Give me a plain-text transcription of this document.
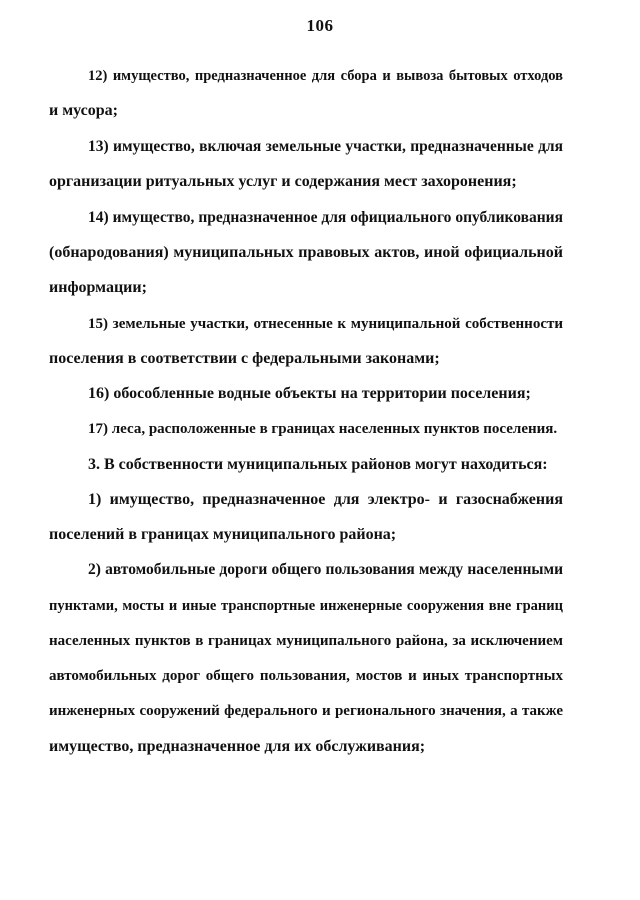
106
12) имущество, предназначенное для сбора и вывоза бытовых отходов
и мусора;
13) имущество, включая земельные участки, предназначенные для
организации ритуальных услуг и содержания мест захоронения;
14) имущество, предназначенное для официального опубликования
(обнародования) муниципальных правовых актов, иной официальной
информации;
15) земельные участки, отнесенные к муниципальной собственности
поселения в соответствии с федеральными законами;
16) обособленные водные объекты на территории поселения;
17) леса, расположенные в границах населенных пунктов поселения.
3. В собственности муниципальных районов могут находиться:
1) имущество, предназначенное для электро- и газоснабжения
поселений в границах муниципального района;
2) автомобильные дороги общего пользования между населенными
пунктами, мосты и иные транспортные инженерные сооружения вне границ
населенных пунктов в границах муниципального района, за исключением
автомобильных дорог общего пользования, мостов и иных транспортных
инженерных сооружений федерального и регионального значения, а также
имущество, предназначенное для их обслуживания;
